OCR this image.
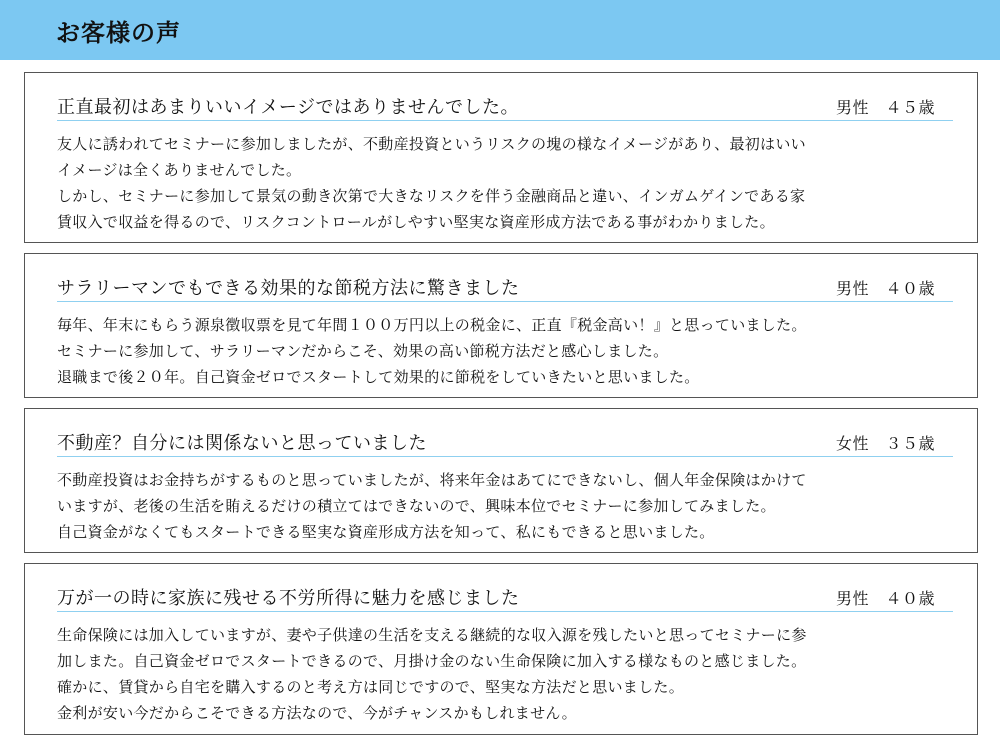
お客様の声
正直最初はあまりいいイメージではありませんでした。	男性　 ４５歳

友人に誘われてセミナーに参加しましたが、不動産投資というリスクの塊の様なイメージがあり、最初はいい

イメージは全くありませんでした。

しかし、セミナーに参加して景気の動き次第で大きなリスクを伴う金融商品と違い、インガムゲインである家

賃収入で収益を得るので、リスクコントロールがしやすい堅実な資産形成方法である事がわかりました。

サラリーマンでもできる効果的な節税方法に驚きました	男性　 ４０歳

毎年、年末にもらう源泉徴収票を見て年間１００万円以上の税金に、正直『税金高い！』と思っていました。

セミナーに参加して、サラリーマンだからこそ、効果の高い節税方法だと感心しました。

退職まで後２０年。自己資金ゼロでスタートして効果的に節税をしていきたいと思いました。

不動産？自分には関係ないと思っていました	女性　 ３５歳

不動産投資はお金持ちがするものと思っていましたが、将来年金はあてにできないし、個人年金保険はかけて

いますが、老後の生活を賄えるだけの積立てはできないので、興味本位でセミナーに参加してみました。

自己資金がなくてもスタートできる堅実な資産形成方法を知って、私にもできると思いました。

万が一の時に家族に残せる不労所得に魅力を感じました	男性　 ４０歳

生命保険には加入していますが、妻や子供達の生活を支える継続的な収入源を残したいと思ってセミナーに参

加しまた。自己資金ゼロでスタートできるので、月掛け金のない生命保険に加入する様なものと感じました。

確かに、賃貸から自宅を購入するのと考え方は同じですので、堅実な方法だと思いました。

金利が安い今だからこそできる方法なので、今がチャンスかもしれません。
